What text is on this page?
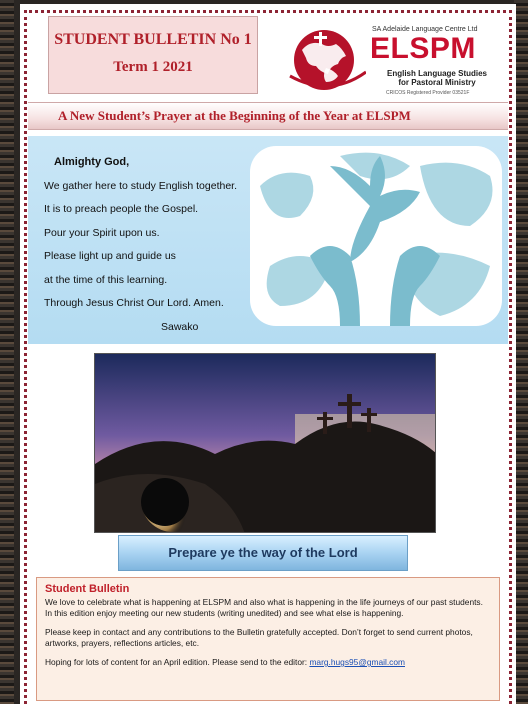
STUDENT BULLETIN No 1
Term 1 2021
SA Adelaide Language Centre Ltd
ELSPM
English Language Studies
for Pastoral Ministry
CRICOS Registered Provider 03521F
A New Student’s Prayer at the Beginning of the Year at ELSPM
Almighty God,
We gather here to study English together.
It is to preach people the Gospel.
Pour your Spirit upon us.
Please light up and guide us
at the time of this learning.
Through Jesus Christ Our Lord. Amen.
Sawako
Prepare ye the way of the Lord
Student Bulletin

We love to celebrate what is happening at ELSPM and also what is happening in the life journeys of our past students. In this edition enjoy meeting our new students (writing unedited) and see what else is happening.

Please keep in contact and any contributions to the Bulletin gratefully accepted. Don’t forget to send current photos, artworks, prayers, reflections articles, etc.

Hoping for lots of content for an April edition. Please send to the editor: marg.hugs95@gmail.com
